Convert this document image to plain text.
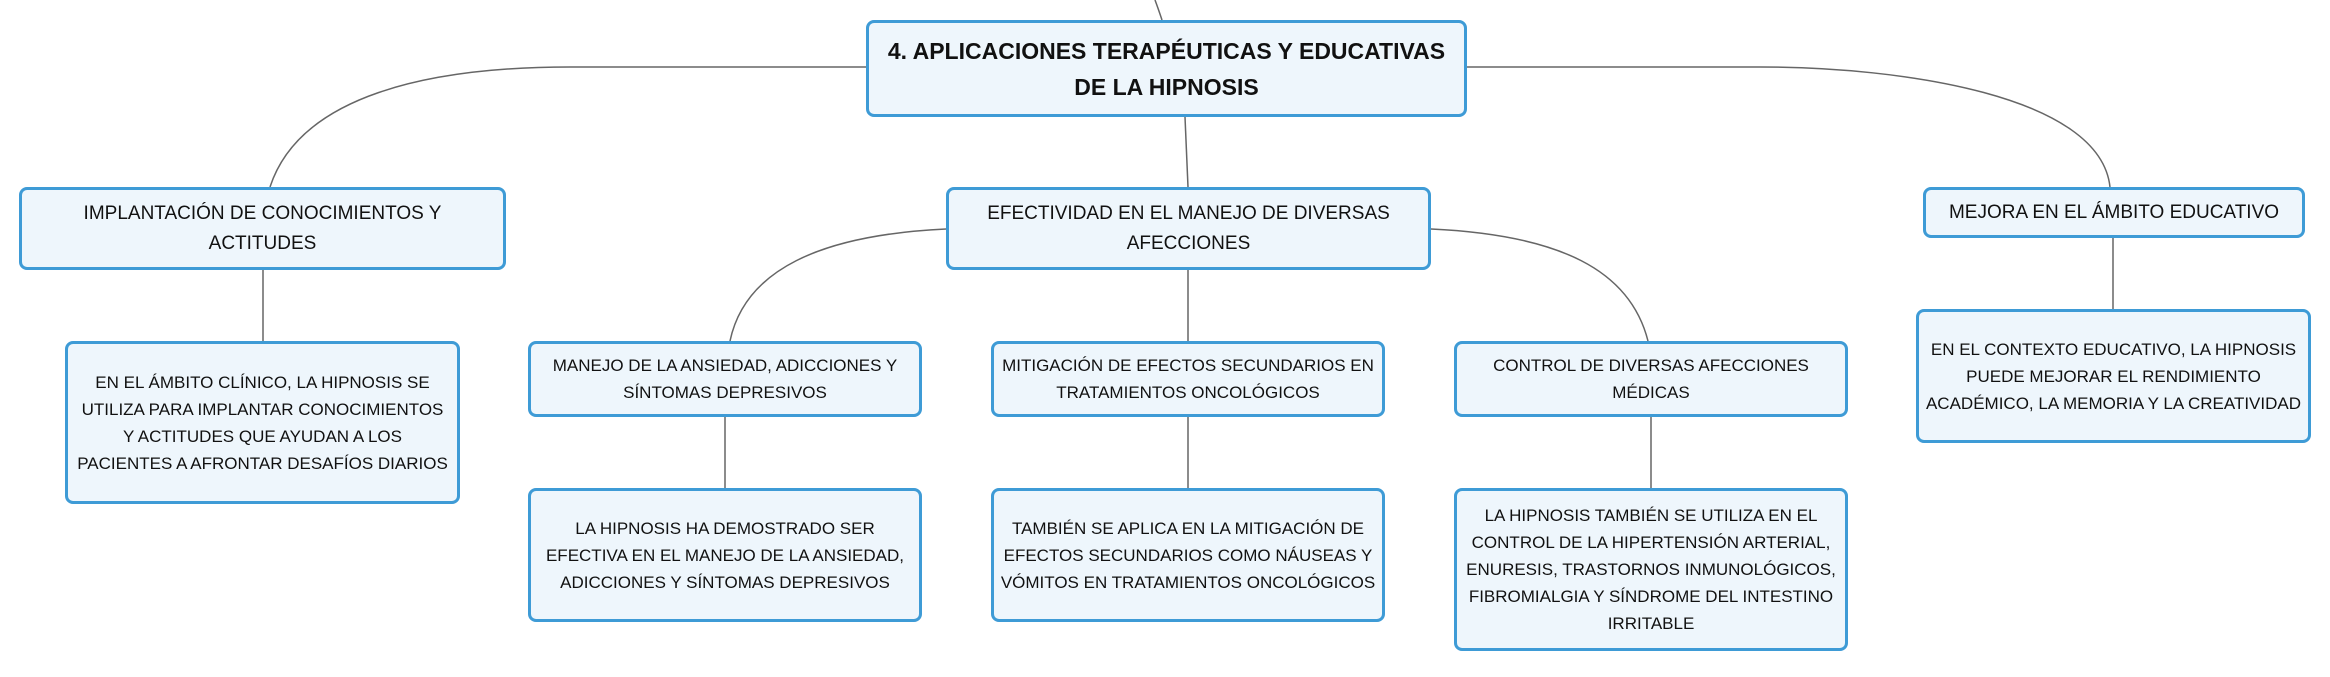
4. APLICACIONES TERAPÉUTICAS Y EDUCATIVAS DE LA HIPNOSIS
IMPLANTACIÓN DE CONOCIMIENTOS Y ACTITUDES
EN EL ÁMBITO CLÍNICO, LA HIPNOSIS SE UTILIZA PARA IMPLANTAR CONOCIMIENTOS Y ACTITUDES QUE AYUDAN A LOS PACIENTES A AFRONTAR DESAFÍOS DIARIOS
EFECTIVIDAD EN EL MANEJO DE DIVERSAS AFECCIONES
MANEJO DE LA ANSIEDAD, ADICCIONES Y SÍNTOMAS DEPRESIVOS
LA HIPNOSIS HA DEMOSTRADO SER EFECTIVA EN EL MANEJO DE LA ANSIEDAD, ADICCIONES Y SÍNTOMAS DEPRESIVOS
MITIGACIÓN DE EFECTOS SECUNDARIOS EN TRATAMIENTOS ONCOLÓGICOS
TAMBIÉN SE APLICA EN LA MITIGACIÓN DE EFECTOS SECUNDARIOS COMO NÁUSEAS Y VÓMITOS EN TRATAMIENTOS ONCOLÓGICOS
CONTROL DE DIVERSAS AFECCIONES MÉDICAS
LA HIPNOSIS TAMBIÉN SE UTILIZA EN EL CONTROL DE LA HIPERTENSIÓN ARTERIAL, ENURESIS, TRASTORNOS INMUNOLÓGICOS, FIBROMIALGIA Y SÍNDROME DEL INTESTINO IRRITABLE
MEJORA EN EL ÁMBITO EDUCATIVO
EN EL CONTEXTO EDUCATIVO, LA HIPNOSIS PUEDE MEJORAR EL RENDIMIENTO ACADÉMICO, LA MEMORIA Y LA CREATIVIDAD
